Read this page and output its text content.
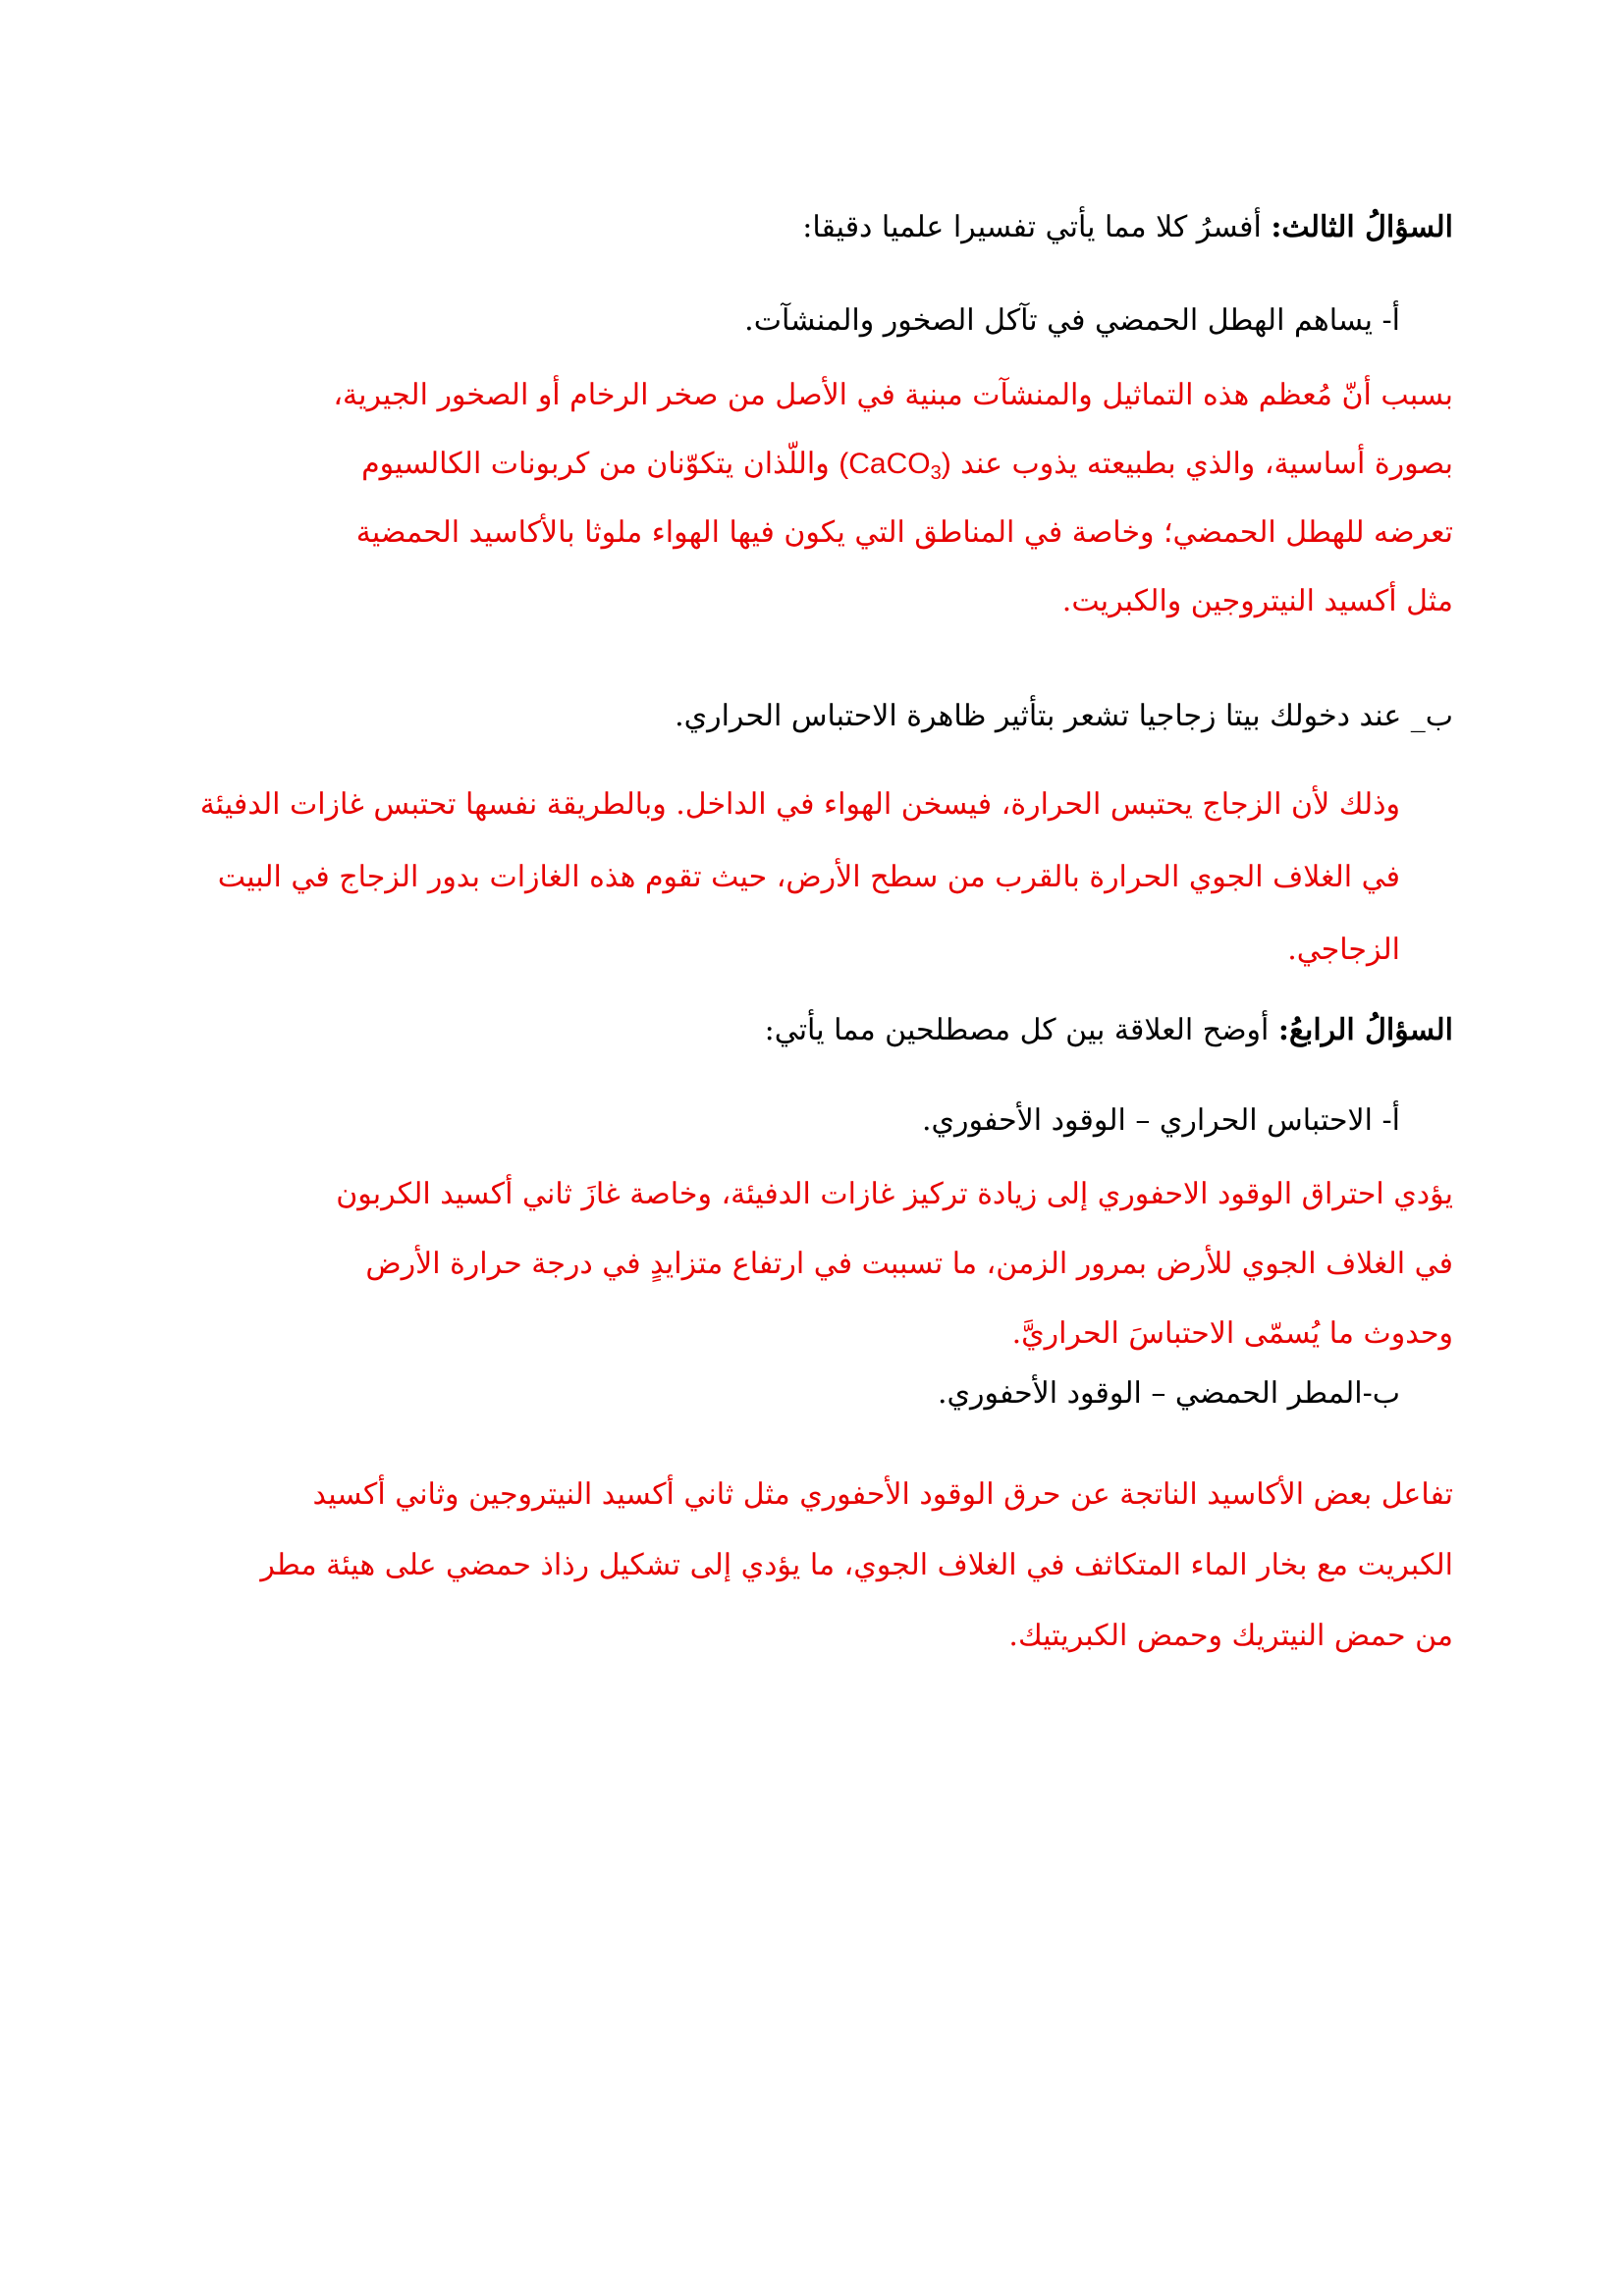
السؤالُ الثالث: أفسرُ كلا مما يأتي تفسيرا علميا دقيقا:
أ- يساهم الهطل الحمضي في تآكل الصخور والمنشآت.
بسبب أنّ مُعظم هذه التماثيل والمنشآت مبنية في الأصل من صخر الرخام أو الصخور الجيرية،
بصورة أساسية، والذي بطبيعته يذوب عند (CaCO$_3$) واللّذان يتكوّنان من كربونات الكالسيوم
تعرضه للهطل الحمضي؛ وخاصة في المناطق التي يكون فيها الهواء ملوثا بالأكاسيد الحمضية
مثل أكسيد النيتروجين والكبريت.
ب_ عند دخولك بيتا زجاجيا تشعر بتأثير ظاهرة الاحتباس الحراري.
وذلك لأن الزجاج يحتبس الحرارة، فيسخن الهواء في الداخل. وبالطريقة نفسها تحتبس غازات الدفيئة
في الغلاف الجوي الحرارة بالقرب من سطح الأرض، حيث تقوم هذه الغازات بدور الزجاج في البيت
الزجاجي.
السؤالُ الرابعُ: أوضح العلاقة بين كل مصطلحين مما يأتي:
أ- الاحتباس الحراري – الوقود الأحفوري.
يؤدي احتراق الوقود الاحفوري إلى زيادة تركيز غازات الدفيئة، وخاصة غازَ ثاني أكسيد الكربون
في الغلاف الجوي للأرض بمرور الزمن، ما تسببت في ارتفاع متزايدٍ في درجة حرارة الأرض
وحدوث ما يُسمّى الاحتباسَ الحراريَّ.
ب-المطر الحمضي – الوقود الأحفوري.
تفاعل بعض الأكاسيد الناتجة عن حرق الوقود الأحفوري مثل ثاني أكسيد النيتروجين وثاني أكسيد
الكبريت مع بخار الماء المتكاثف في الغلاف الجوي، ما يؤدي إلى تشكيل رذاذ حمضي على هيئة مطر
من حمض النيتريك وحمض الكبريتيك.
